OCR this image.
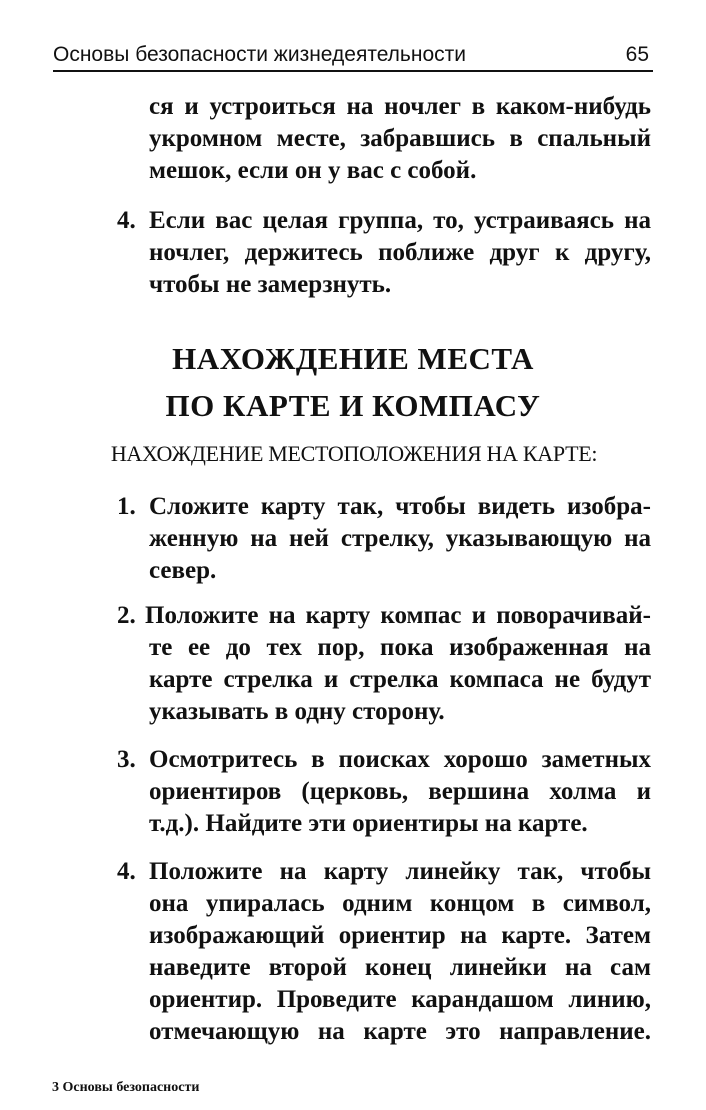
Основы безопасности жизнедеятельности	65
ся и устроиться на ночлег в каком-нибудь
укромном месте, забравшись в спальный
мешок, если он у вас с собой.
4. Если вас целая группа, то, устраиваясь на
ночлег, держитесь поближе друг к другу,
чтобы не замерзнуть.
НАХОЖДЕНИЕ МЕСТА
ПО КАРТЕ И КОМПАСУ
НАХОЖДЕНИЕ МЕСТОПОЛОЖЕНИЯ НА КАРТЕ:
1. Сложите карту так, чтобы видеть изобра-
женную на ней стрелку, указывающую на
север.
2. Положите на карту компас и поворачивай-
те ее до тех пор, пока изображенная на
карте стрелка и стрелка компаса не будут
указывать в одну сторону.
3. Осмотритесь в поисках хорошо заметных
ориентиров (церковь, вершина холма и
т.д.). Найдите эти ориентиры на карте.
4. Положите на карту линейку так, чтобы
она упиралась одним концом в символ,
изображающий ориентир на карте. Затем
наведите второй конец линейки на сам
ориентир. Проведите карандашом линию,
отмечающую на карте это направление.
3 Основы безопасности
